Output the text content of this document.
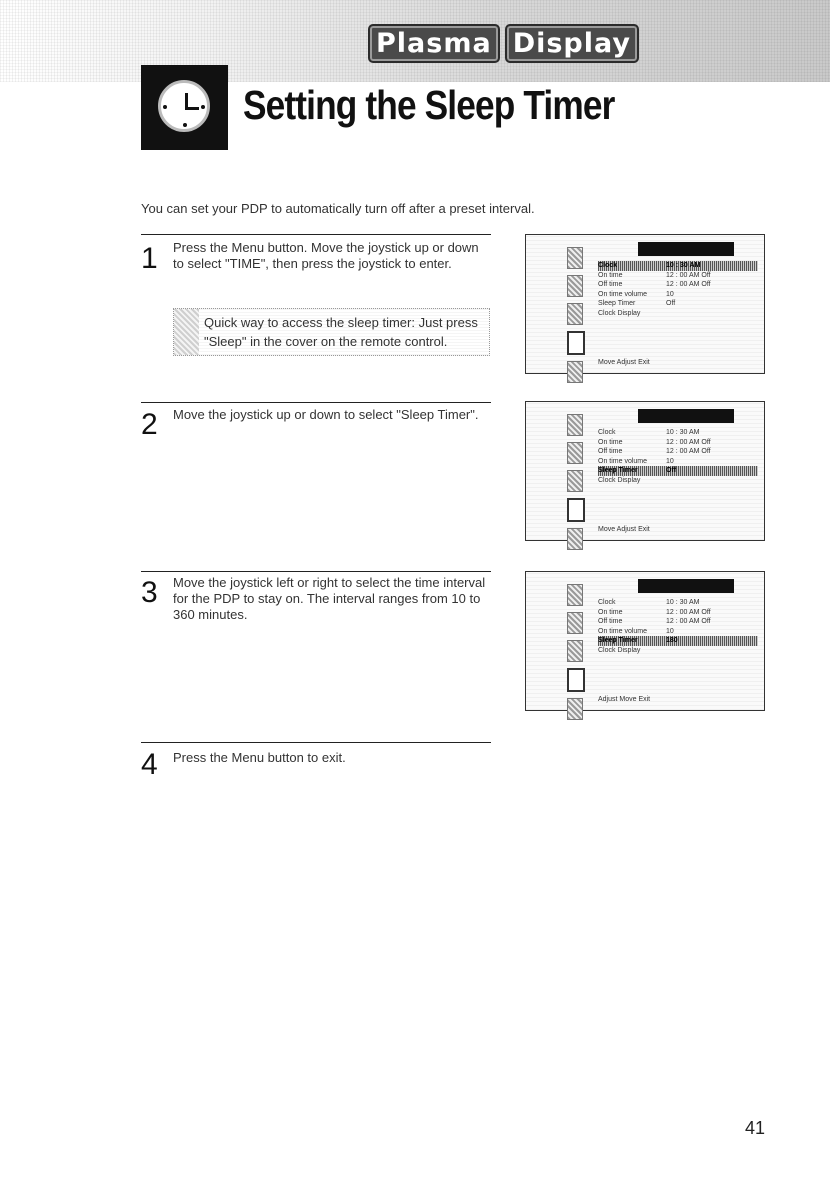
Plasma Display
Setting the Sleep Timer
You can set your PDP to automatically turn off after a preset interval.
1 Press the Menu button. Move the joystick up or down to select "TIME", then press the joystick to enter.
Quick way to access the sleep timer: Just press "Sleep" in the cover on the remote control.
2 Move the joystick up or down to select "Sleep Timer".
3 Move the joystick left or right to select the time interval for the PDP to stay on. The interval ranges from 10 to 360 minutes.
4 Press the Menu button to exit.
Clock	10 : 30 AM
On time	12 : 00 AM Off
Off time	12 : 00 AM Off
On time volume	10
Sleep Timer	Off
Clock Display
Move Adjust Exit
Clock	10 : 30 AM
On time	12 : 00 AM Off
Off time	12 : 00 AM Off
On time volume	10
Sleep Timer	Off
Clock Display
Move Adjust Exit
Clock	10 : 30 AM
On time	12 : 00 AM Off
Off time	12 : 00 AM Off
On time volume	10
Sleep Timer	180
Clock Display
Adjust Move Exit
41
